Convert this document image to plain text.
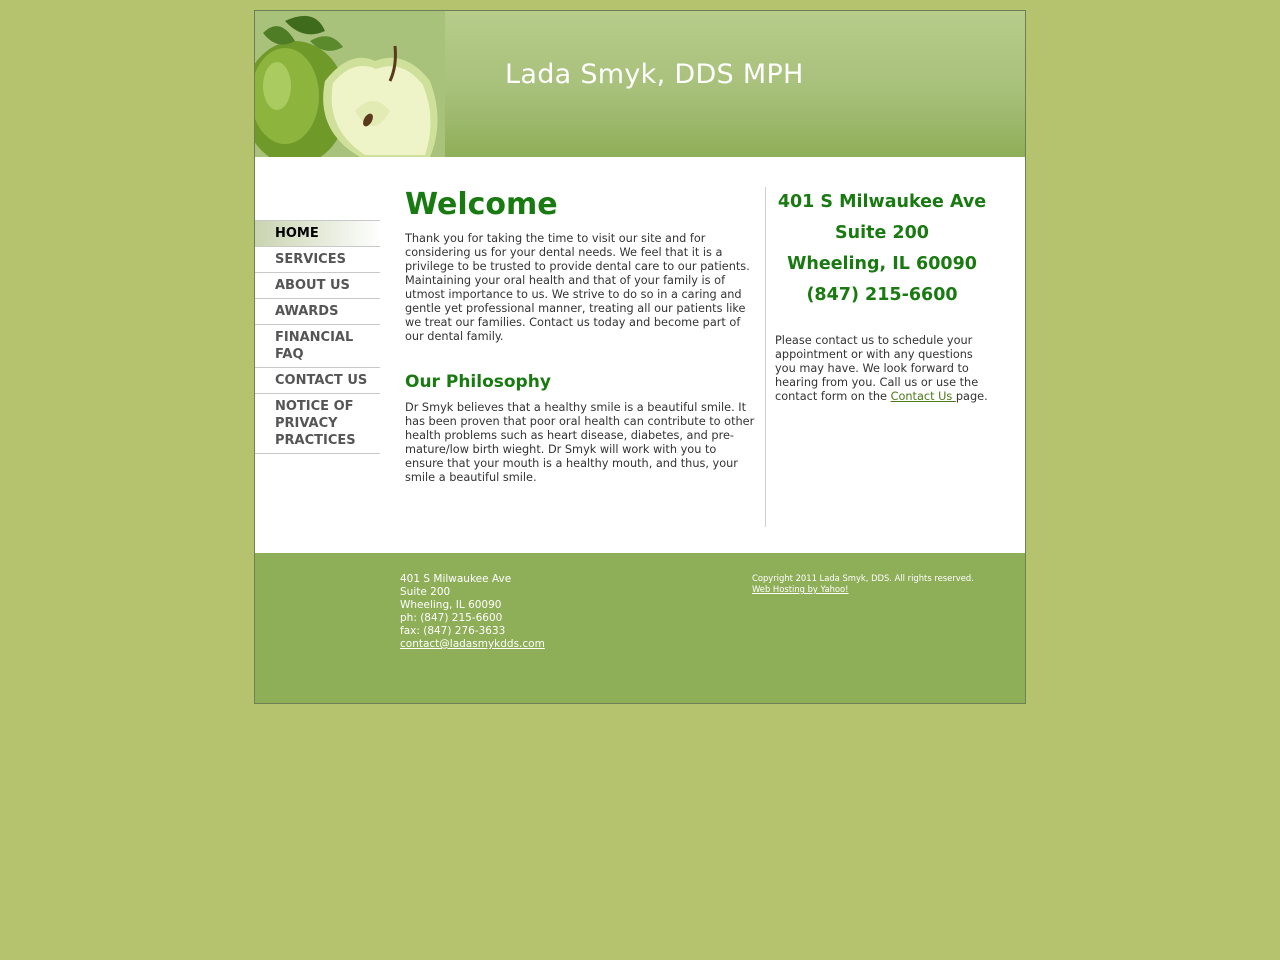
Lada Smyk, DDS MPH
HOME
SERVICES
ABOUT US
AWARDS
FINANCIAL FAQ
CONTACT US
NOTICE OF PRIVACY PRACTICES
Welcome

Thank you for taking the time to visit our site and for considering us for your dental needs. We feel that it is a privilege to be trusted to provide dental care to our patients. Maintaining your oral health and that of your family is of utmost importance to us. We strive to do so in a caring and gentle yet professional manner, treating all our patients like we treat our families. Contact us today and become part of our dental family.

Our Philosophy

Dr Smyk believes that a healthy smile is a beautiful smile. It has been proven that poor oral health can contribute to other health problems such as heart disease, diabetes, and pre-mature/low birth wieght. Dr Smyk will work with you to ensure that your mouth is a healthy mouth, and thus, your smile a beautiful smile.

401 S Milwaukee Ave
Suite 200
Wheeling, IL 60090
(847) 215-6600

Please contact us to schedule your appointment or with any questions you may have. We look forward to hearing from you. Call us or use the contact form on the Contact Us page.

401 S Milwaukee Ave
Suite 200
Wheeling, IL 60090
ph: (847) 215-6600
fax: (847) 276-3633
contact@ladasmykdds.com
Copyright 2011 Lada Smyk, DDS. All rights reserved.
Web Hosting by Yahoo!
